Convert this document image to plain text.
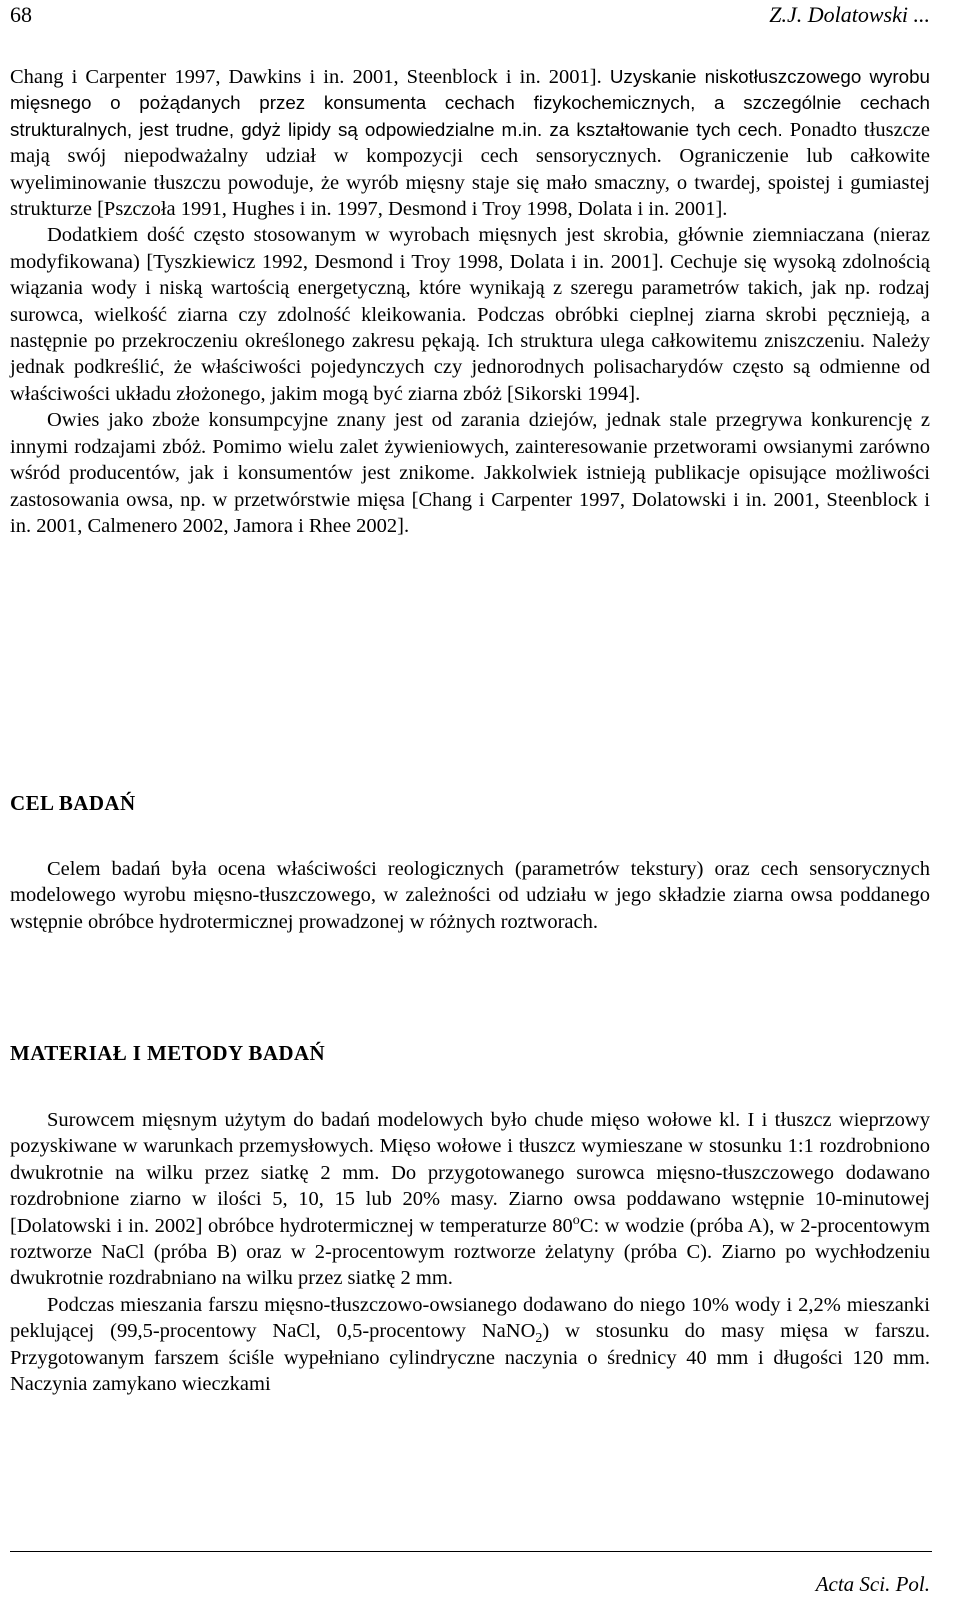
68	Z.J. Dolatowski ...

Chang i Carpenter 1997, Dawkins i in. 2001, Steenblock i in. 2001]. Uzyskanie niskotłuszczowego wyrobu mięsnego o pożądanych przez konsumenta cechach fizykochemicznych, a szczególnie cechach strukturalnych, jest trudne, gdyż lipidy są odpowiedzialne m.in. za kształtowanie tych cech. Ponadto tłuszcze mają swój niepodważalny udział w kompozycji cech sensorycznych. Ograniczenie lub całkowite wyeliminowanie tłuszczu powoduje, że wyrób mięsny staje się mało smaczny, o twardej, spoistej i gumiastej strukturze [Pszczoła 1991, Hughes i in. 1997, Desmond i Troy 1998, Dolata i in. 2001].

Dodatkiem dość często stosowanym w wyrobach mięsnych jest skrobia, głównie ziemniaczana (nieraz modyfikowana) [Tyszkiewicz 1992, Desmond i Troy 1998, Dolata i in. 2001]. Cechuje się wysoką zdolnością wiązania wody i niską wartością energetyczną, które wynikają z szeregu parametrów takich, jak np. rodzaj surowca, wielkość ziarna czy zdolność kleikowania. Podczas obróbki cieplnej ziarna skrobi pęcznieją, a następnie po przekroczeniu określonego zakresu pękają. Ich struktura ulega całkowitemu zniszczeniu. Należy jednak podkreślić, że właściwości pojedynczych czy jednorodnych polisacharydów często są odmienne od właściwości układu złożonego, jakim mogą być ziarna zbóż [Sikorski 1994].

Owies jako zboże konsumpcyjne znany jest od zarania dziejów, jednak stale przegrywa konkurencję z innymi rodzajami zbóż. Pomimo wielu zalet żywieniowych, zainteresowanie przetworami owsianymi zarówno wśród producentów, jak i konsumentów jest znikome. Jakkolwiek istnieją publikacje opisujące możliwości zastosowania owsa, np. w przetwórstwie mięsa [Chang i Carpenter 1997, Dolatowski i in. 2001, Steenblock i in. 2001, Calmenero 2002, Jamora i Rhee 2002].

CEL BADAŃ

Celem badań była ocena właściwości reologicznych (parametrów tekstury) oraz cech sensorycznych modelowego wyrobu mięsno-tłuszczowego, w zależności od udziału w jego składzie ziarna owsa poddanego wstępnie obróbce hydrotermicznej prowadzonej w różnych roztworach.

MATERIAŁ I METODY BADAŃ

Surowcem mięsnym użytym do badań modelowych było chude mięso wołowe kl. I i tłuszcz wieprzowy pozyskiwane w warunkach przemysłowych. Mięso wołowe i tłuszcz wymieszane w stosunku 1:1 rozdrobniono dwukrotnie na wilku przez siatkę 2 mm. Do przygotowanego surowca mięsno-tłuszczowego dodawano rozdrobnione ziarno w ilości 5, 10, 15 lub 20% masy. Ziarno owsa poddawano wstępnie 10-minutowej [Dolatowski i in. 2002] obróbce hydrotermicznej w temperaturze 80$^o$C: w wodzie (próba A), w 2-procentowym roztworze NaCl (próba B) oraz w 2-procentowym roztworze żelatyny (próba C). Ziarno po wychłodzeniu dwukrotnie rozdrabniano na wilku przez siatkę 2 mm.

Podczas mieszania farszu mięsno-tłuszczowo-owsianego dodawano do niego 10% wody i 2,2% mieszanki peklującej (99,5-procentowy NaCl, 0,5-procentowy NaNO$_2$) w stosunku do masy mięsa w farszu. Przygotowanym farszem ściśle wypełniano cylindryczne naczynia o średnicy 40 mm i długości 120 mm. Naczynia zamykano wieczkami

Acta Sci. Pol.
